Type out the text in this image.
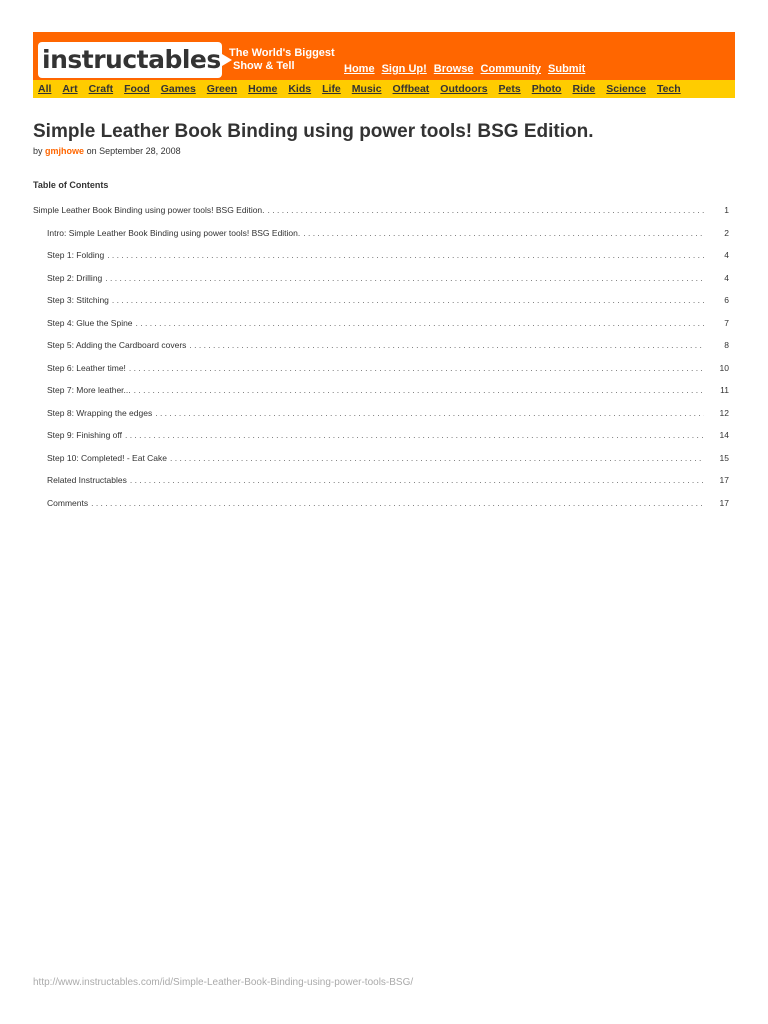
instructables The World's Biggest
Show & Tell	Home Sign Up! Browse Community Submit
All Art Craft Food Games Green Home Kids Life Music Offbeat Outdoors Pets Photo Ride Science Tech
Simple Leather Book Binding using power tools! BSG Edition.
by gmjhowe on September 28, 2008
Table of Contents
Simple Leather Book Binding using power tools! BSG Edition. . . .	1
Intro: Simple Leather Book Binding using power tools! BSG Edition. . . .	2
Step 1: Folding . . .	4
Step 2: Drilling . . .	4
Step 3: Stitching . . .	6
Step 4: Glue the Spine . . .	7
Step 5: Adding the Cardboard covers . . .	8
Step 6: Leather time! . . .	10
Step 7: More leather... . . .	11
Step 8: Wrapping the edges . . .	12
Step 9: Finishing off . . .	14
Step 10: Completed! - Eat Cake . . .	15
Related Instructables . . .	17
Comments . . .	17
http://www.instructables.com/id/Simple-Leather-Book-Binding-using-power-tools-BSG/
